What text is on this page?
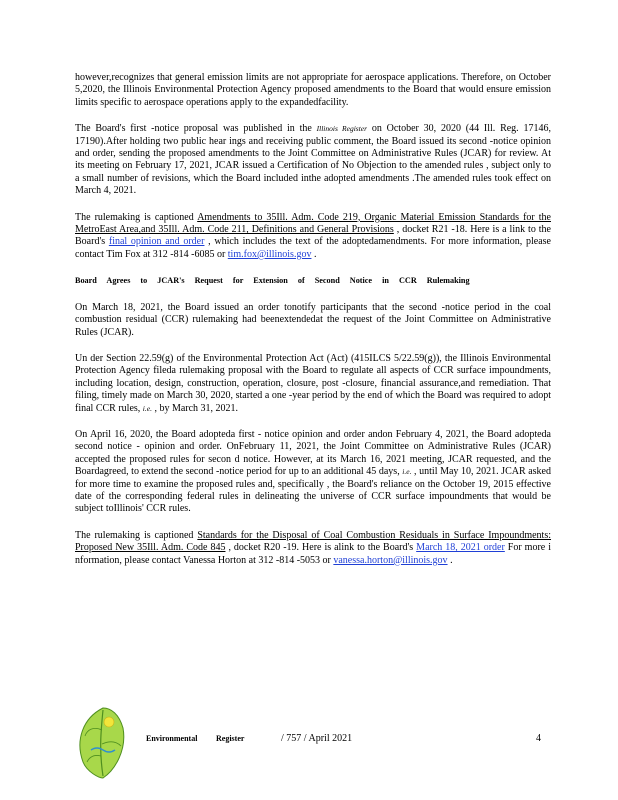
however,recognizes that general emission limits are not appropriate for aerospace applications. Therefore, on October 5,2020, the Illinois Environmental Protection Agency proposed amendments to the Board that would ensure emission limits specific to aerospace operations apply to the expandedfacility.

The Board's first -notice proposal was published in the Illinois Register on October 30, 2020 (44 Ill. Reg. 17146, 17190).After holding two public hear ings and receiving public comment, the Board issued its second -notice opinion and order, sending the proposed amendments to the Joint Committee on Administrative Rules (JCAR) for review. At its meeting on February 17, 2021, JCAR issued a Certification of No Objection to the amended rules , subject only to a small number of revisions, which the Board included inthe adopted amendments .The amended rules took effect on March 4, 2021.

The rulemaking is captioned Amendments to 35Ill. Adm. Code 219, Organic Material Emission Standards for the MetroEast Area,and 35Ill. Adm. Code 211, Definitions and General Provisions , docket R21 -18. Here is a link to the Board's final opinion and order , which includes the text of the adoptedamendments. For more information, please contact Tim Fox at 312 -814 -6085 or tim.fox@illinois.gov .

Board Agrees to JCAR's Request for Extension of Second Notice in CCR Rulemaking

On March 18, 2021, the Board issued an order tonotify participants that the second -notice period in the coal combustion residual (CCR) rulemaking had beenextendedat the request of the Joint Committee on Administrative Rules (JCAR).

Un der Section 22.59(g) of the Environmental Protection Act (Act) (415ILCS 5/22.59(g)), the Illinois Environmental Protection Agency fileda rulemaking proposal with the Board to regulate all aspects of CCR surface impoundments, including location, design, construction, operation, closure, post -closure, financial assurance,and remediation. That filing, timely made on March 30, 2020, started a one -year period by the end of which the Board was required to adopt final CCR rules, i.e. , by March 31, 2021.

On April 16, 2020, the Board adopteda first - notice opinion and order andon February 4, 2021, the Board adopteda second notice - opinion and order. OnFebruary 11, 2021, the Joint Committee on Administrative Rules (JCAR) accepted the proposed rules for secon d notice. However, at its March 16, 2021 meeting, JCAR requested, and the Boardagreed, to extend the second -notice period for up to an additional 45 days, i.e. , until May 10, 2021. JCAR asked for more time to examine the proposed rules and, specifically , the Board's reliance on the October 19, 2015 effective date of the corresponding federal rules in delineating the universe of CCR surface impoundments that would be subject toIllinois' CCR rules.

The rulemaking is captioned Standards for the Disposal of Coal Combustion Residuals in Surface Impoundments: Proposed New 35Ill. Adm. Code 845 , docket R20 -19. Here is alink to the Board's March 18, 2021 order For more i nformation, please contact Vanessa Horton at 312 -814 -5053 or vanessa.horton@illinois.gov .

Environmental Register	/ 757 / April 2021	4
